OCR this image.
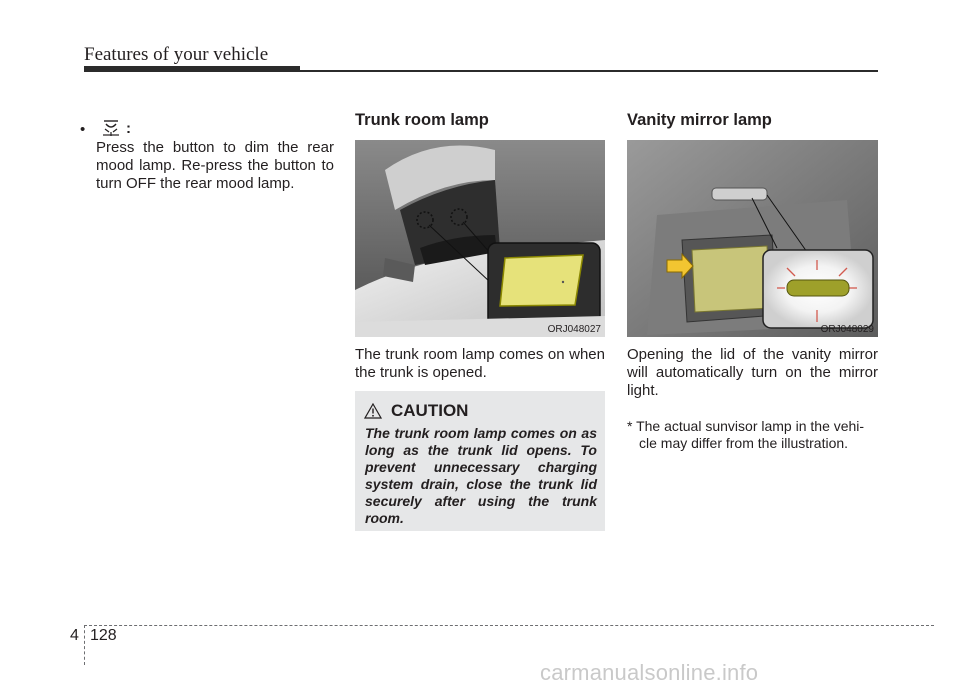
Features of your vehicle
•	:
Press the button to dim the rear mood lamp. Re-press the button to turn OFF the rear mood lamp.
Trunk room lamp
ORJ048027
The trunk room lamp comes on when the trunk is opened.
CAUTION
The trunk room lamp comes on as long as the trunk lid opens. To prevent unnecessary charging system drain, close the trunk lid securely after using the trunk room.
Vanity mirror lamp
ORJ048029
Opening the lid of the vanity mirror will automatically turn on the mirror light.
* The actual sunvisor lamp in the vehi-
cle may differ from the illustration.
4 128
carmanualsonline.info
